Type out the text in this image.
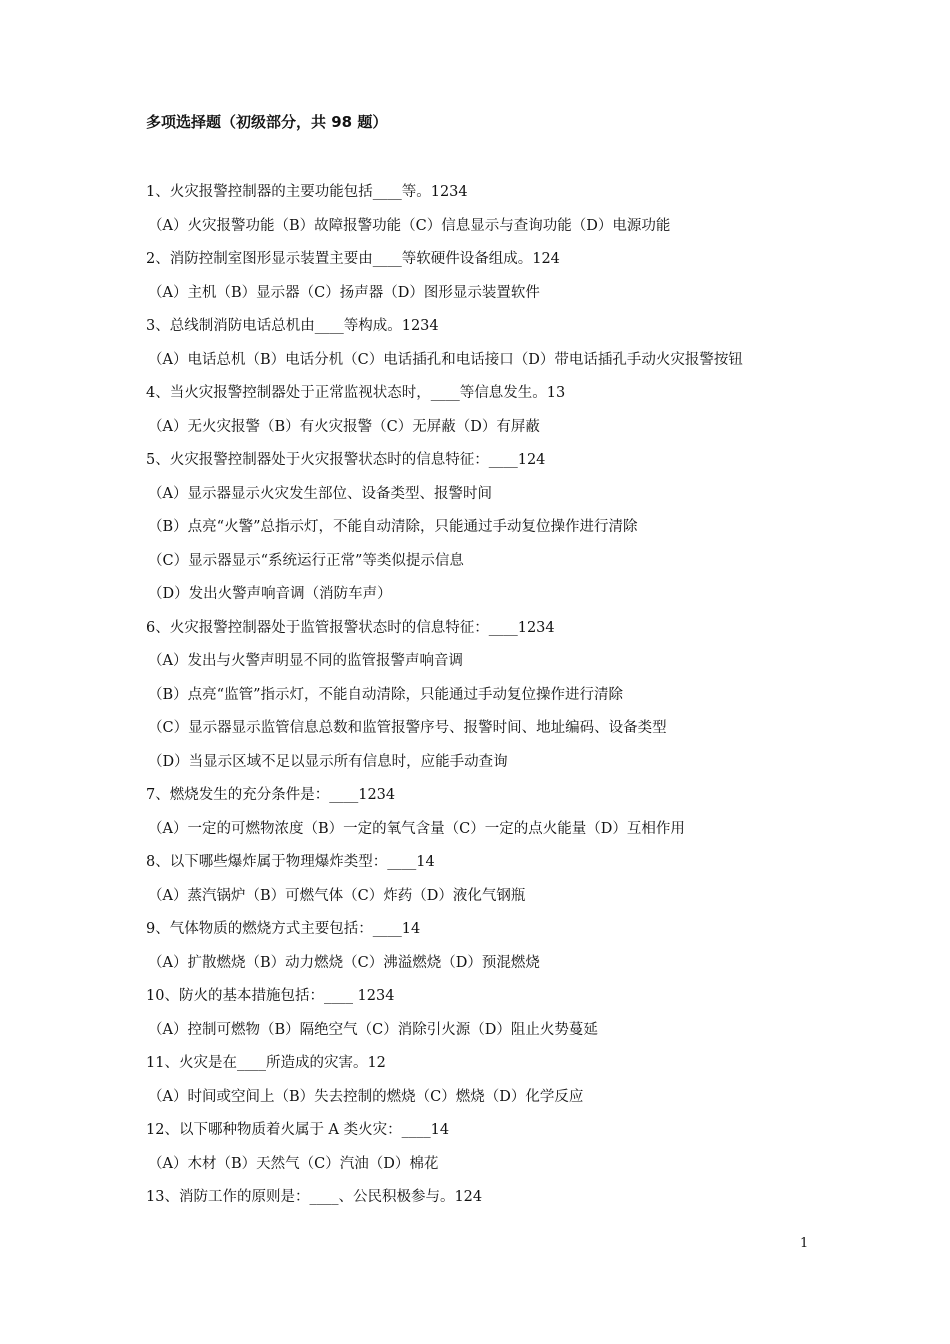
多项选择题（初级部分，共 98 题）
1、火灾报警控制器的主要功能包括____等。1234
（A）火灾报警功能（B）故障报警功能（C）信息显示与查询功能（D）电源功能
2、消防控制室图形显示装置主要由____等软硬件设备组成。124
（A）主机（B）显示器（C）扬声器（D）图形显示装置软件
3、总线制消防电话总机由____等构成。1234
（A）电话总机（B）电话分机（C）电话插孔和电话接口（D）带电话插孔手动火灾报警按钮
4、当火灾报警控制器处于正常监视状态时，____等信息发生。13
（A）无火灾报警（B）有火灾报警（C）无屏蔽（D）有屏蔽
5、火灾报警控制器处于火灾报警状态时的信息特征：____124
（A）显示器显示火灾发生部位、设备类型、报警时间
（B）点亮“火警”总指示灯，不能自动清除，只能通过手动复位操作进行清除
（C）显示器显示“系统运行正常”等类似提示信息
（D）发出火警声响音调（消防车声）
6、火灾报警控制器处于监管报警状态时的信息特征：____1234
（A）发出与火警声明显不同的监管报警声响音调
（B）点亮“监管”指示灯，不能自动清除，只能通过手动复位操作进行清除
（C）显示器显示监管信息总数和监管报警序号、报警时间、地址编码、设备类型
（D）当显示区域不足以显示所有信息时，应能手动查询
7、燃烧发生的充分条件是：____1234
（A）一定的可燃物浓度（B）一定的氧气含量（C）一定的点火能量（D）互相作用
8、以下哪些爆炸属于物理爆炸类型：____14
（A）蒸汽锅炉（B）可燃气体（C）炸药（D）液化气钢瓶
9、气体物质的燃烧方式主要包括：____14
（A）扩散燃烧（B）动力燃烧（C）沸溢燃烧（D）预混燃烧
10、防火的基本措施包括：____ 1234
（A）控制可燃物（B）隔绝空气（C）消除引火源（D）阻止火势蔓延
11、火灾是在____所造成的灾害。12
（A）时间或空间上（B）失去控制的燃烧（C）燃烧（D）化学反应
12、以下哪种物质着火属于 A 类火灾：____14
（A）木材（B）天然气（C）汽油（D）棉花
13、消防工作的原则是：____、公民积极参与。124
1
